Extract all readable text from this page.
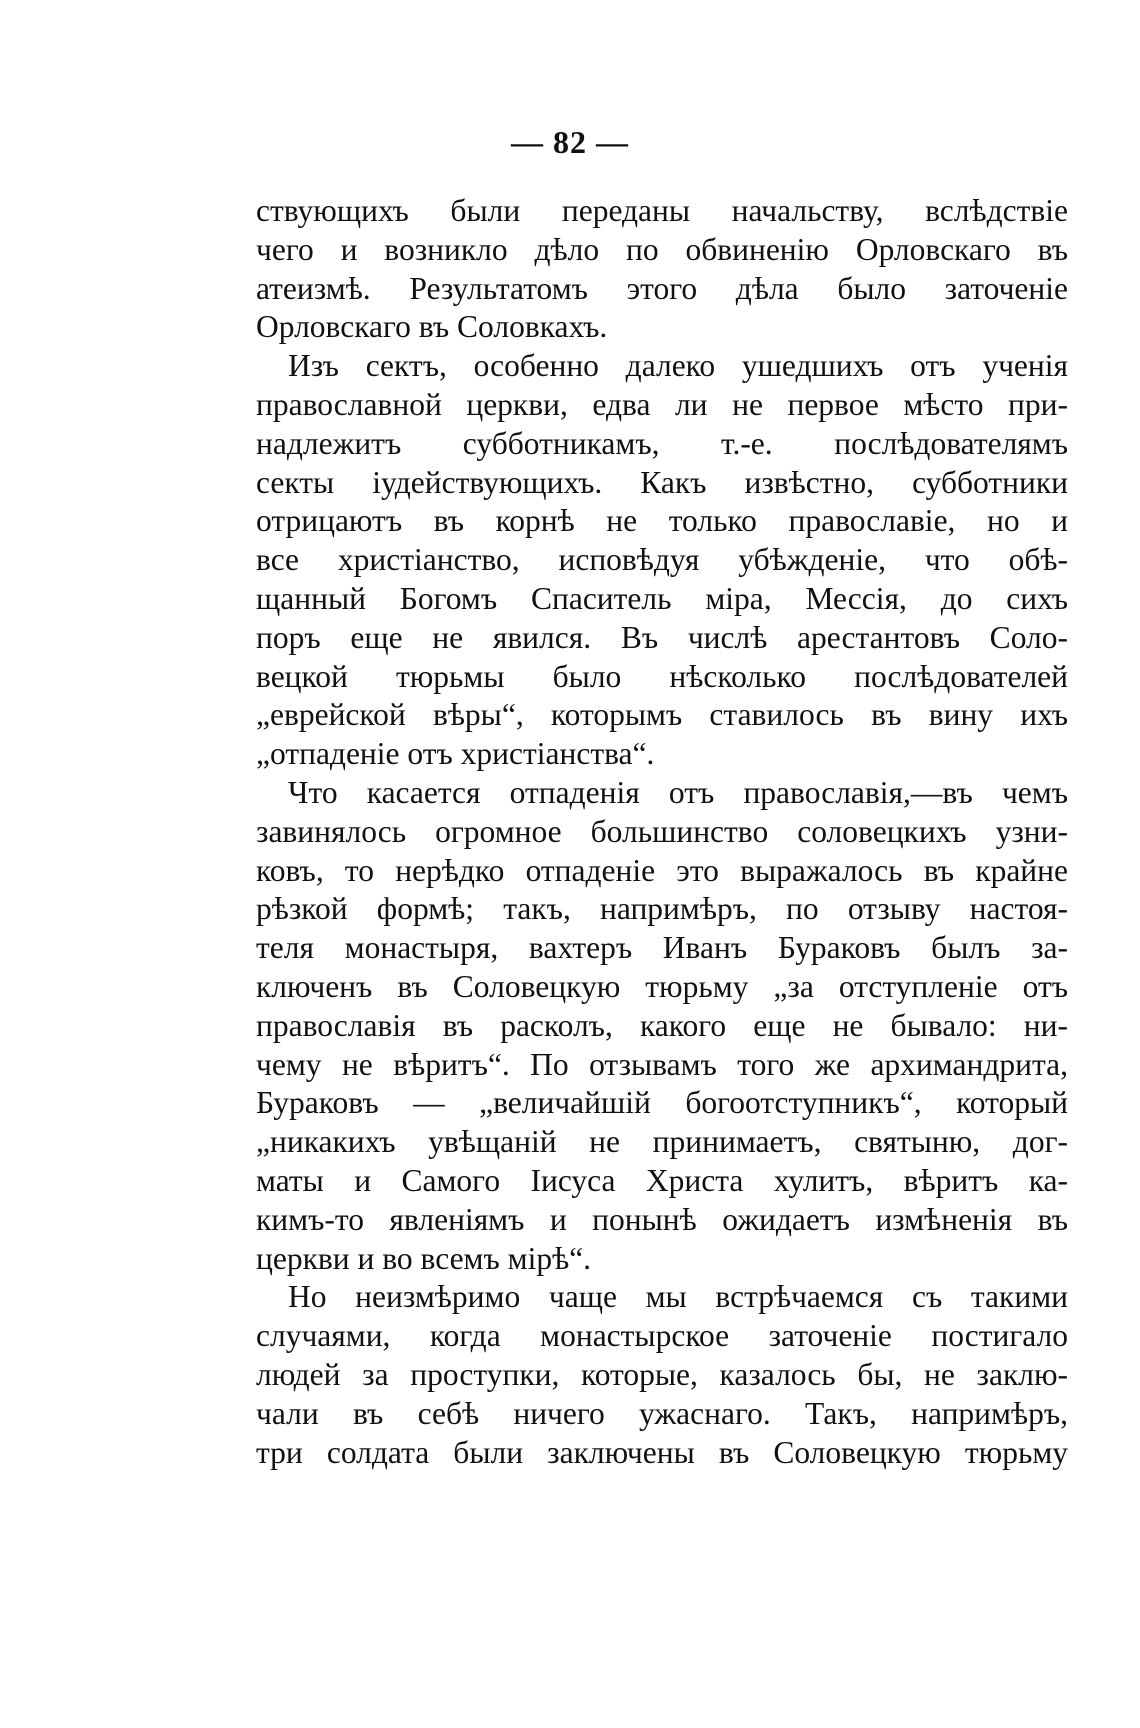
— 82 —
ствующихъ были переданы начальству, вслѣдствіе
чего и возникло дѣло по обвиненію Орловскаго въ
атеизмѣ. Результатомъ этого дѣла было заточеніе
Орловскаго въ Соловкахъ.
Изъ сектъ, особенно далеко ушедшихъ отъ ученія
православной церкви, едва ли не первое мѣсто при-
надлежитъ субботникамъ, т.-е. послѣдователямъ
секты іудействующихъ. Какъ извѣстно, субботники
отрицаютъ въ корнѣ не только православіе, но и
все христіанство, исповѣдуя убѣжденіе, что обѣ-
щанный Богомъ Спаситель міра, Мессія, до сихъ
поръ еще не явился. Въ числѣ арестантовъ Соло-
вецкой тюрьмы было нѣсколько послѣдователей
„еврейской вѣры“, которымъ ставилось въ вину ихъ
„отпаденіе отъ христіанства“.
Что касается отпаденія отъ православія,—въ чемъ
завинялось огромное большинство соловецкихъ узни-
ковъ, то нерѣдко отпаденіе это выражалось въ крайне
рѣзкой формѣ; такъ, напримѣръ, по отзыву настоя-
теля монастыря, вахтеръ Иванъ Бураковъ былъ за-
ключенъ въ Соловецкую тюрьму „за отступленіе отъ
православія въ расколъ, какого еще не бывало: ни-
чему не вѣритъ“. По отзывамъ того же архимандрита,
Бураковъ — „величайшій богоотступникъ“, который
„никакихъ увѣщаній не принимаетъ, святыню, дог-
маты и Самого Іисуса Христа хулитъ, вѣритъ ка-
кимъ-то явленіямъ и понынѣ ожидаетъ измѣненія въ
церкви и во всемъ мірѣ“.
Но неизмѣримо чаще мы встрѣчаемся съ такими
случаями, когда монастырское заточеніе постигало
людей за проступки, которые, казалось бы, не заклю-
чали въ себѣ ничего ужаснаго. Такъ, напримѣръ,
три солдата были заключены въ Соловецкую тюрьму
